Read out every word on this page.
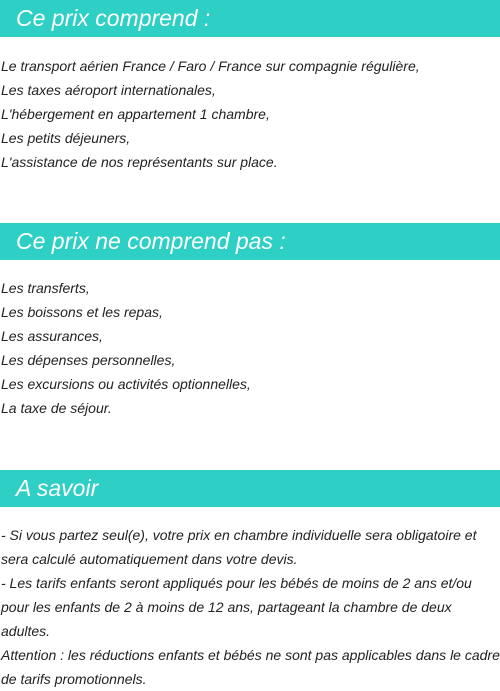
Ce prix comprend :
Le transport aérien France / Faro / France sur compagnie régulière,
Les taxes aéroport internationales,
L'hébergement en appartement 1 chambre,
Les petits déjeuners,
L'assistance de nos représentants sur place.
Ce prix ne comprend pas :
Les transferts,
Les boissons et les repas,
Les assurances,
Les dépenses personnelles,
Les excursions ou activités optionnelles,
La taxe de séjour.
A savoir
- Si vous partez seul(e), votre prix en chambre individuelle sera obligatoire et sera calculé automatiquement dans votre devis.
- Les tarifs enfants seront appliqués pour les bébés de moins de 2 ans et/ou pour les enfants de 2 à moins de 12 ans, partageant la chambre de deux adultes.
Attention : les réductions enfants et bébés ne sont pas applicables dans le cadre de tarifs promotionnels.
